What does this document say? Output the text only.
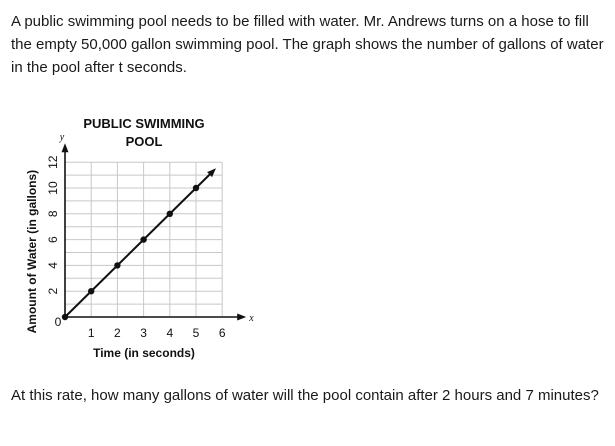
A public swimming pool needs to be filled with water. Mr. Andrews turns on a hose to fill the empty 50,000 gallon swimming pool. The graph shows the number of gallons of water in the pool after t seconds.

x
y
0
1 2 3 4 5 6
2
4
6
8
10
12
PUBLIC SWIMMING
POOL
Time (in seconds)
Amount of Water (in gallons)

At this rate, how many gallons of water will the pool contain after 2 hours and 7 minutes?
